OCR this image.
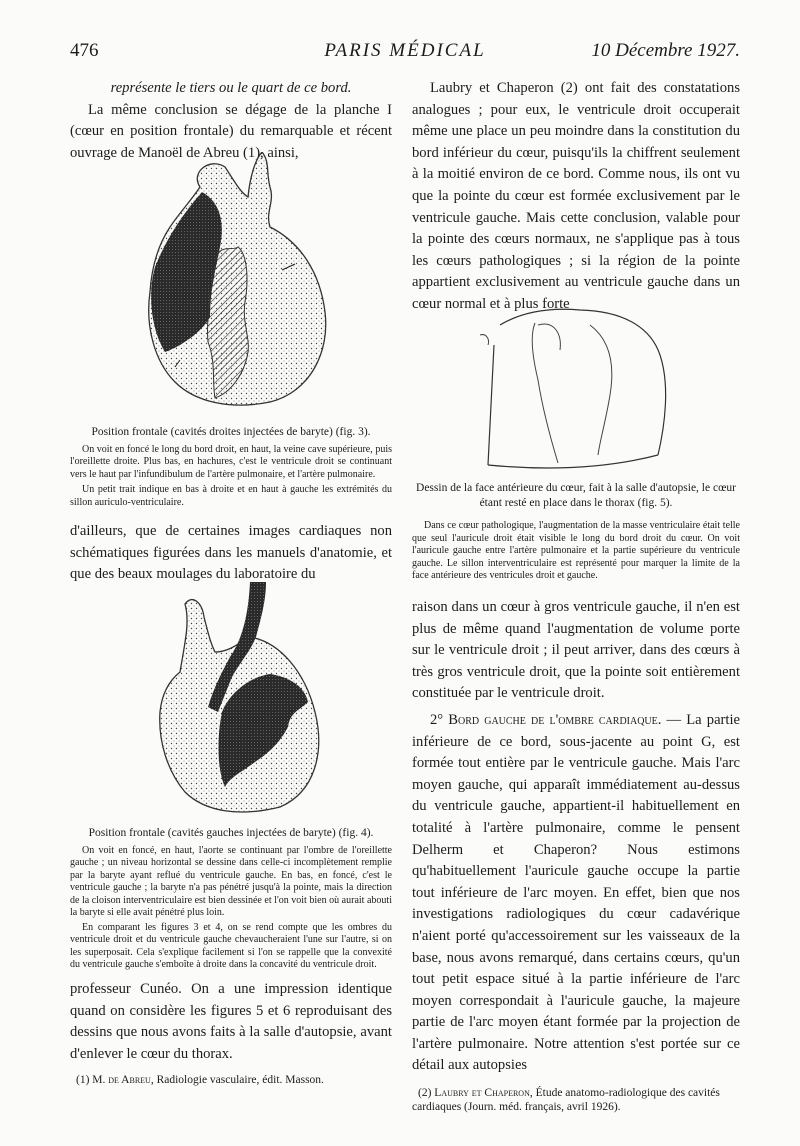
476	PARIS MÉDICAL	10 Décembre 1927.

représente le tiers ou le quart de ce bord.

La même conclusion se dégage de la planche I (cœur en position frontale) du remarquable et récent ouvrage de Manoël de Abreu (1), ainsi,

Position frontale (cavités droites injectées de baryte) (fig. 3).

On voit en foncé le long du bord droit, en haut, la veine cave supérieure, puis l'oreillette droite. Plus bas, en hachures, c'est le ventricule droit se continuant vers le haut par l'infundibulum de l'artère pulmonaire, et l'artère pulmonaire.

Un petit trait indique en bas à droite et en haut à gauche les extrémités du sillon auriculo-ventriculaire.

d'ailleurs, que de certaines images cardiaques non schématiques figurées dans les manuels d'anatomie, et que des beaux moulages du laboratoire du

Position frontale (cavités gauches injectées de baryte) (fig. 4).

On voit en foncé, en haut, l'aorte se continuant par l'ombre de l'oreillette gauche ; un niveau horizontal se dessine dans celle-ci incomplètement remplie par la baryte ayant reflué du ventricule gauche. En bas, en foncé, c'est le ventricule gauche ; la baryte n'a pas pénétré jusqu'à la pointe, mais la direction de la cloison interventriculaire est bien dessinée et l'on voit bien où aurait abouti la baryte si elle avait pénétré plus loin.

En comparant les figures 3 et 4, on se rend compte que les ombres du ventricule droit et du ventricule gauche chevaucheraient l'une sur l'autre, si on les superposait. Cela s'explique facilement si l'on se rappelle que la convexité du ventricule gauche s'emboîte à droite dans la concavité du ventricule droit.

professeur Cunéo. On a une impression identique quand on considère les figures 5 et 6 reproduisant des dessins que nous avons faits à la salle d'autopsie, avant d'enlever le cœur du thorax.

(1) M. de Abreu, Radiologie vasculaire, édit. Masson.

Laubry et Chaperon (2) ont fait des constatations analogues ; pour eux, le ventricule droit occuperait même une place un peu moindre dans la constitution du bord inférieur du cœur, puisqu'ils la chiffrent seulement à la moitié environ de ce bord. Comme nous, ils ont vu que la pointe du cœur est formée exclusivement par le ventricule gauche. Mais cette conclusion, valable pour la pointe des cœurs normaux, ne s'applique pas à tous les cœurs pathologiques ; si la région de la pointe appartient exclusivement au ventricule gauche dans un cœur normal et à plus forte

Dessin de la face antérieure du cœur, fait à la salle d'autopsie, le cœur étant resté en place dans le thorax (fig. 5).

Dans ce cœur pathologique, l'augmentation de la masse ventriculaire était telle que seul l'auricule droit était visible le long du bord droit du cœur. On voit l'auricule gauche entre l'artère pulmonaire et la partie supérieure du ventricule gauche. Le sillon interventriculaire est représenté pour marquer la limite de la face antérieure des ventricules droit et gauche.

raison dans un cœur à gros ventricule gauche, il n'en est plus de même quand l'augmentation de volume porte sur le ventricule droit ; il peut arriver, dans des cœurs à très gros ventricule droit, que la pointe soit entièrement constituée par le ventricule droit.

2° Bord gauche de l'ombre cardiaque. — La partie inférieure de ce bord, sous-jacente au point G, est formée tout entière par le ventricule gauche. Mais l'arc moyen gauche, qui apparaît immédiatement au-dessus du ventricule gauche, appartient-il habituellement en totalité à l'artère pulmonaire, comme le pensent Delherm et Chaperon? Nous estimons qu'habituellement l'auricule gauche occupe la partie tout inférieure de l'arc moyen. En effet, bien que nos investigations radiologiques du cœur cadavérique n'aient porté qu'accessoirement sur les vaisseaux de la base, nous avons remarqué, dans certains cœurs, qu'un tout petit espace situé à la partie inférieure de l'arc moyen correspondait à l'auricule gauche, la majeure partie de l'arc moyen étant formée par la projection de l'artère pulmonaire. Notre attention s'est portée sur ce détail aux autopsies

(2) Laubry et Chaperon, Étude anatomo-radiologique des cavités cardiaques (Journ. méd. français, avril 1926).
